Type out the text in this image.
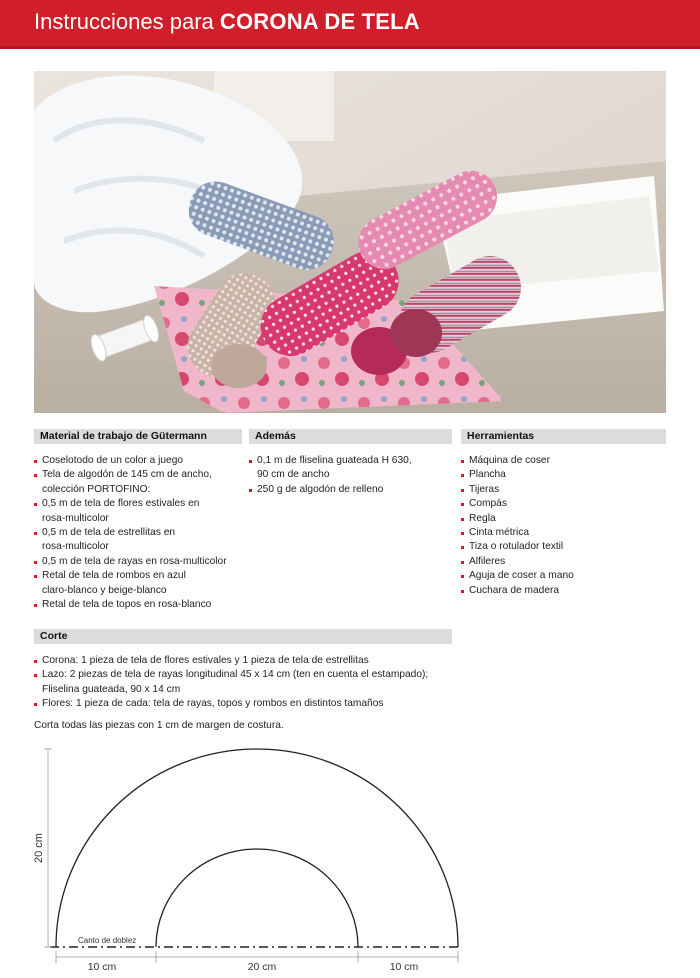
Instrucciones para CORONA DE TELA
Material de trabajo de Gütermann
Coselotodo de un color a juego
Tela de algodón de 145 cm de ancho,
colección PORTOFINO:
0,5 m de tela de flores estivales en
rosa-multicolor
0,5 m de tela de estrellitas en
rosa-multicolor
0,5 m de tela de rayas en rosa-multicolor
Retal de tela de rombos en azul
claro-blanco y beige-blanco
Retal de tela de topos en rosa-blanco
Además
0,1 m de fliselina guateada H 630,
90 cm de ancho
250 g de algodón de relleno
Herramientas
Máquina de coser
Plancha
Tijeras
Compás
Regla
Cinta métrica
Tiza o rotulador textil
Alfileres
Aguja de coser a mano
Cuchara de madera
Corte
Corona: 1 pieza de tela de flores estivales y 1 pieza de tela de estrellitas
Lazo: 2 piezas de tela de rayas longitudinal 45 x 14 cm (ten en cuenta el estampado);
Fliselina guateada, 90 x 14 cm
Flores: 1 pieza de cada: tela de rayas, topos y rombos en distintos tamaños
Corta todas las piezas con 1 cm de margen de costura.
20 cm
Canto de doblez
10 cm	20 cm	10 cm
